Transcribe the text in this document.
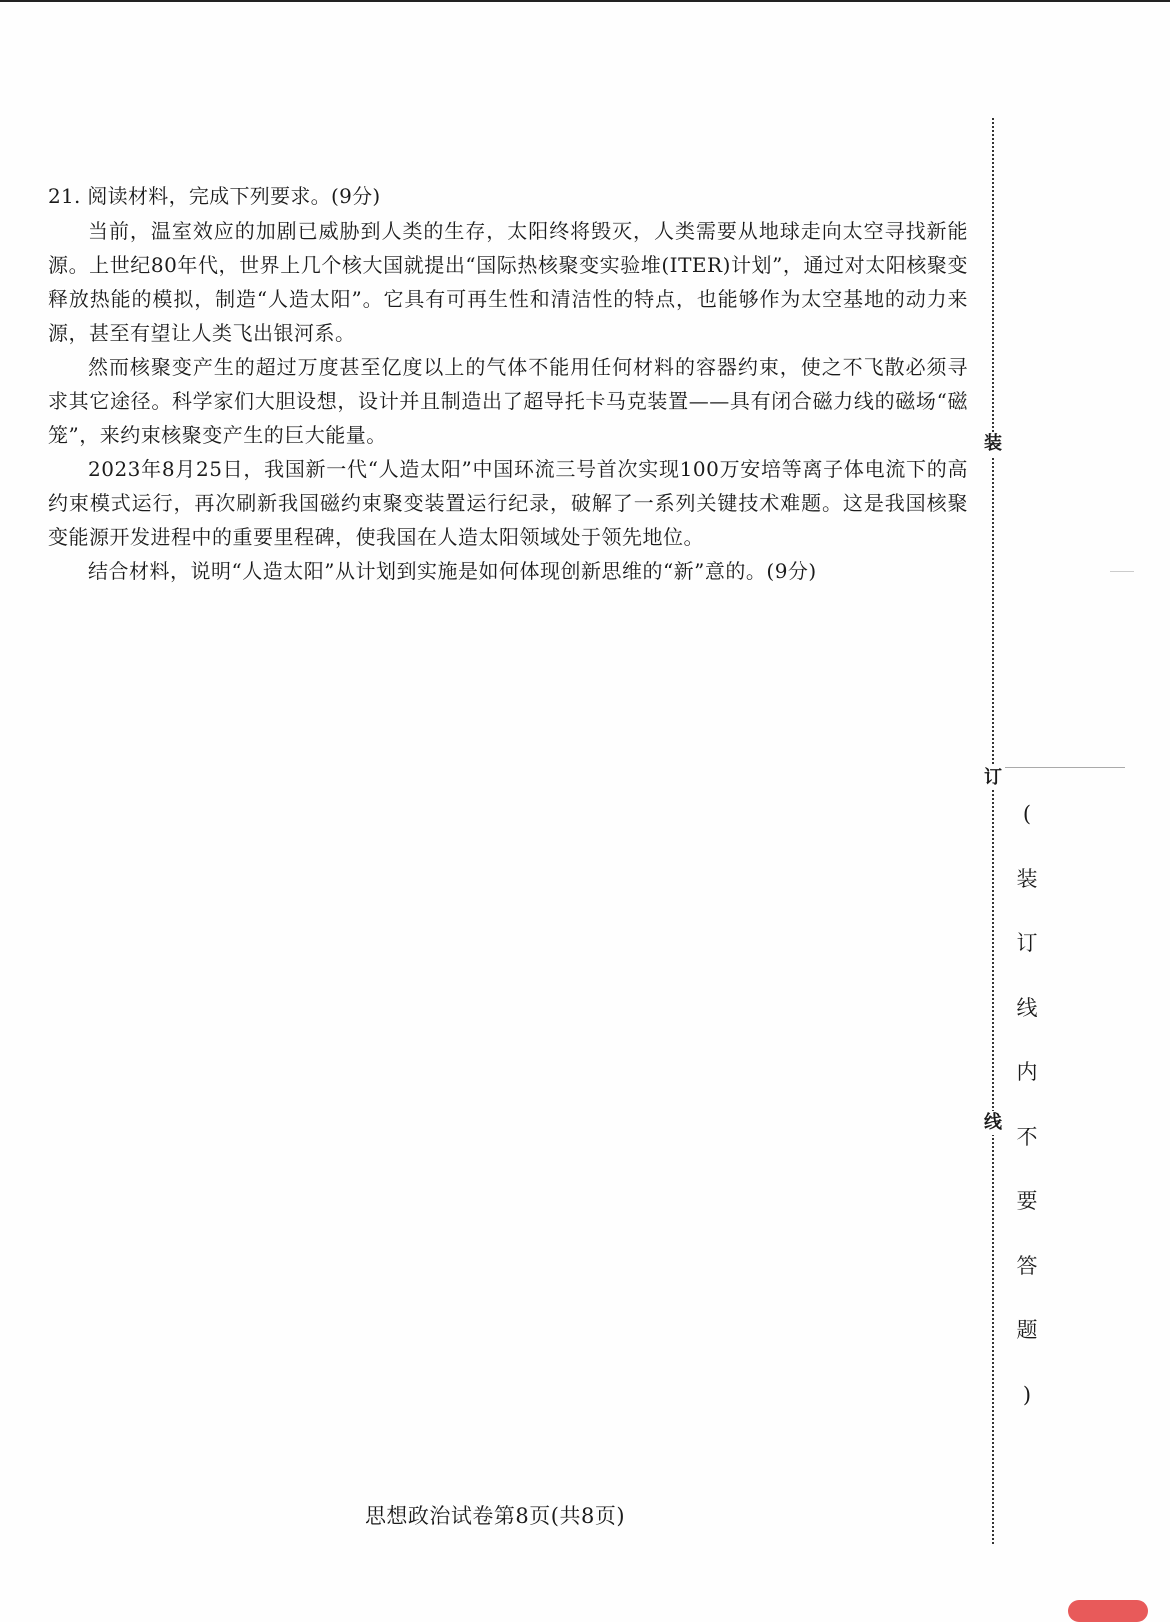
21. 阅读材料，完成下列要求。(9分)

当前，温室效应的加剧已威胁到人类的生存，太阳终将毁灭，人类需要从地球走向太空寻找新能源。上世纪80年代，世界上几个核大国就提出“国际热核聚变实验堆(ITER)计划”，通过对太阳核聚变释放热能的模拟，制造“人造太阳”。它具有可再生性和清洁性的特点，也能够作为太空基地的动力来源，甚至有望让人类飞出银河系。

然而核聚变产生的超过万度甚至亿度以上的气体不能用任何材料的容器约束，使之不飞散必须寻求其它途径。科学家们大胆设想，设计并且制造出了超导托卡马克装置——具有闭合磁力线的磁场“磁笼”，来约束核聚变产生的巨大能量。

2023年8月25日，我国新一代“人造太阳”中国环流三号首次实现100万安培等离子体电流下的高约束模式运行，再次刷新我国磁约束聚变装置运行纪录，破解了一系列关键技术难题。这是我国核聚变能源开发进程中的重要里程碑，使我国在人造太阳领域处于领先地位。

结合材料，说明“人造太阳”从计划到实施是如何体现创新思维的“新”意的。(9分)

装
订
线
(
装
订
线
内
不
要
答
题
)
思想政治试卷第8页(共8页)
